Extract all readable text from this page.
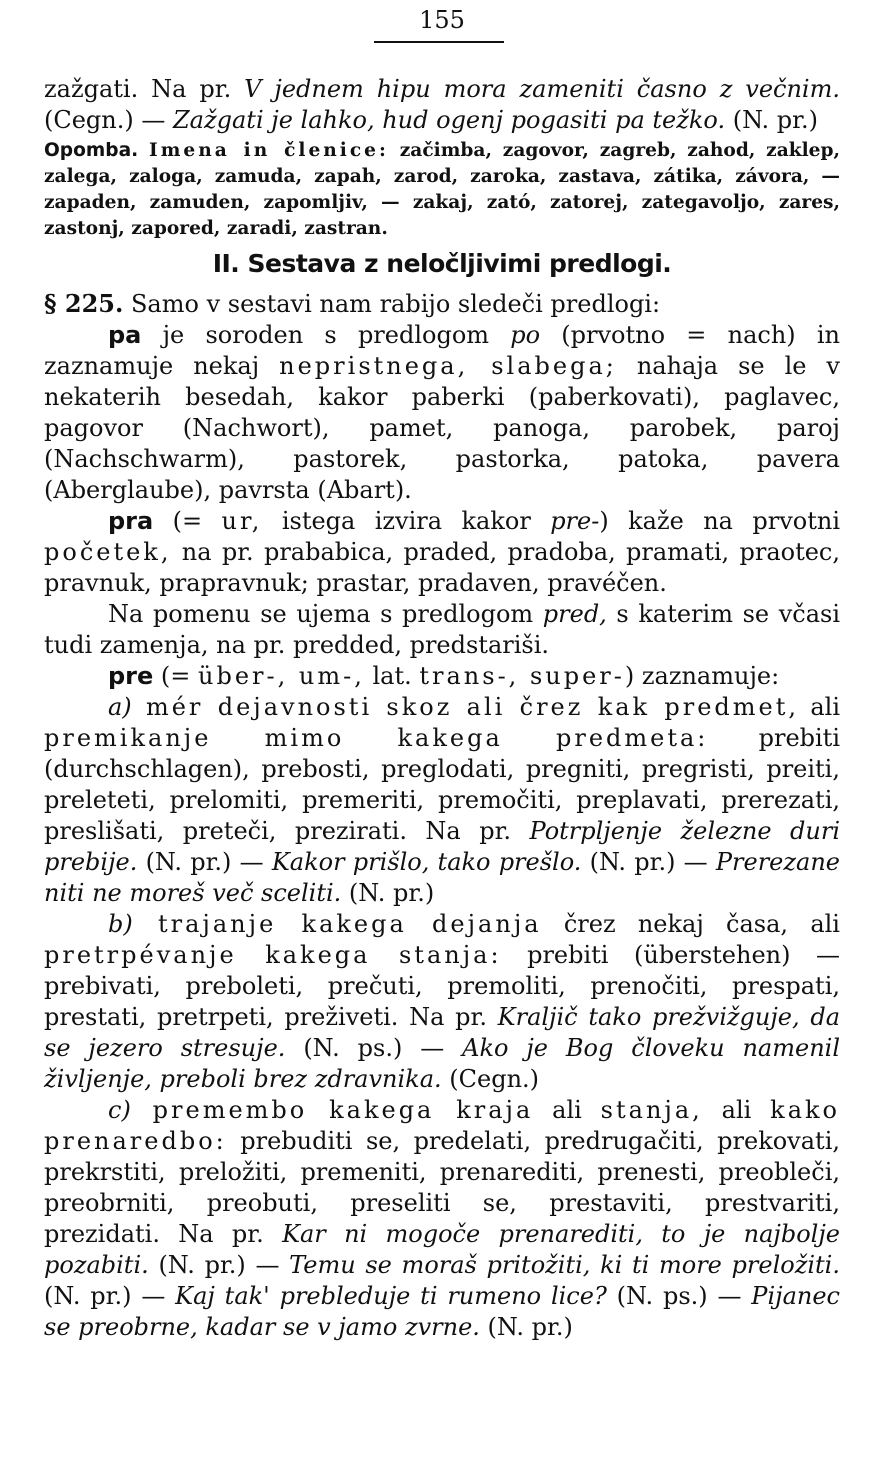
155

zažgati. Na pr. V jednem hipu mora zameniti časno z večnim. (Cegn.) — Zažgati je lahko, hud ogenj pogasiti pa težko. (N. pr.)

Opomba. Imena in členice: začimba, zagovor, zagreb, zahod, zaklep, zalega, zaloga, zamuda, zapah, zarod, zaroka, zastava, zátika, závora, — zapaden, zamuden, zapomljiv, — zakaj, zató, zatorej, zategavoljo, zares, zastonj, zapored, zaradi, zastran.

II. Sestava z neločljivimi predlogi.

§ 225. Samo v sestavi nam rabijo sledeči predlogi:

pa je soroden s predlogom po (prvotno = nach) in zaznamuje nekaj nepristnega, slabega; nahaja se le v nekaterih besedah, kakor paberki (paberkovati), paglavec, pagovor (Nachwort), pamet, panoga, parobek, paroj (Nachschwarm), pastorek, pastorka, patoka, pavera (Aberglaube), pavrsta (Abart).

pra (= ur, istega izvira kakor pre-) kaže na prvotni početek, na pr. prababica, praded, pradoba, pramati, praotec, pravnuk, prapravnuk; prastar, pradaven, pravéčen.

Na pomenu se ujema s predlogom pred, s katerim se včasi tudi zamenja, na pr. predded, predstariši.

pre (= über-, um-, lat. trans-, super-) zaznamuje:

a) mér dejavnosti skoz ali črez kak predmet, ali premikanje mimo kakega predmeta: prebiti (durchschlagen), prebosti, preglodati, pregniti, pregristi, preiti, preleteti, prelomiti, premeriti, premočiti, preplavati, prerezati, preslišati, preteči, prezirati. Na pr. Potrpljenje železne duri prebije. (N. pr.) — Kakor prišlo, tako prešlo. (N. pr.) — Prerezane niti ne moreš več sceliti. (N. pr.)

b) trajanje kakega dejanja črez nekaj časa, ali pretrpévanje kakega stanja: prebiti (überstehen) — prebivati, preboleti, prečuti, premoliti, prenočiti, prespati, prestati, pretrpeti, preživeti. Na pr. Kraljič tako prežvižguje, da se jezero stresuje. (N. ps.) — Ako je Bog človeku namenil življenje, preboli brez zdravnika. (Cegn.)

c) premembo kakega kraja ali stanja, ali kako prenaredbo: prebuditi se, predelati, predrugačiti, prekovati, prekrstiti, preložiti, premeniti, prenarediti, prenesti, preobleči, preobrniti, preobuti, preseliti se, prestaviti, prestvariti, prezidati. Na pr. Kar ni mogoče prenarediti, to je najbolje pozabiti. (N. pr.) — Temu se moraš pritožiti, ki ti more preložiti. (N. pr.) — Kaj tak' prebleduje ti rumeno lice? (N. ps.) — Pijanec se preobrne, kadar se v jamo zvrne. (N. pr.)
